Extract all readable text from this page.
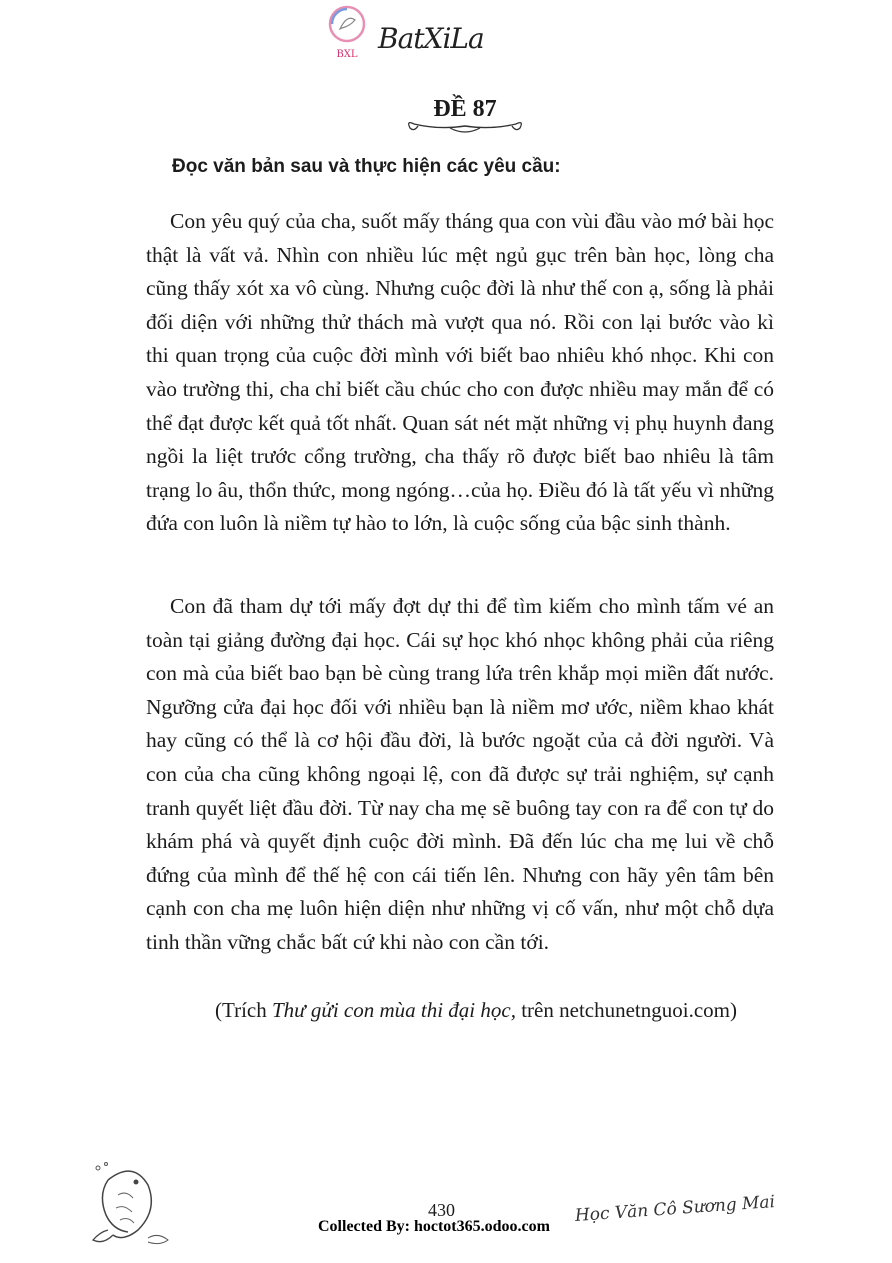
BXL BatXiLa
ĐỀ 87
Đọc văn bản sau và thực hiện các yêu cầu:

Con yêu quý của cha, suốt mấy tháng qua con vùi đầu vào mớ bài học thật là vất vả. Nhìn con nhiều lúc mệt ngủ gục trên bàn học, lòng cha cũng thấy xót xa vô cùng. Nhưng cuộc đời là như thế con ạ, sống là phải đối diện với những thử thách mà vượt qua nó. Rồi con lại bước vào kì thi quan trọng của cuộc đời mình với biết bao nhiêu khó nhọc. Khi con vào trường thi, cha chỉ biết cầu chúc cho con được nhiều may mắn để có thể đạt được kết quả tốt nhất. Quan sát nét mặt những vị phụ huynh đang ngồi la liệt trước cổng trường, cha thấy rõ được biết bao nhiêu là tâm trạng lo âu, thổn thức, mong ngóng…của họ. Điều đó là tất yếu vì những đứa con luôn là niềm tự hào to lớn, là cuộc sống của bậc sinh thành.

Con đã tham dự tới mấy đợt dự thi để tìm kiếm cho mình tấm vé an toàn tại giảng đường đại học. Cái sự học khó nhọc không phải của riêng con mà của biết bao bạn bè cùng trang lứa trên khắp mọi miền đất nước. Ngưỡng cửa đại học đối với nhiều bạn là niềm mơ ước, niềm khao khát hay cũng có thể là cơ hội đầu đời, là bước ngoặt của cả đời người. Và con của cha cũng không ngoại lệ, con đã được sự trải nghiệm, sự cạnh tranh quyết liệt đầu đời. Từ nay cha mẹ sẽ buông tay con ra để con tự do khám phá và quyết định cuộc đời mình. Đã đến lúc cha mẹ lui về chỗ đứng của mình để thế hệ con cái tiến lên. Nhưng con hãy yên tâm bên cạnh con cha mẹ luôn hiện diện như những vị cố vấn, như một chỗ dựa tinh thần vững chắc bất cứ khi nào con cần tới.

(Trích Thư gửi con mùa thi đại học, trên netchunetnguoi.com)
430
Collected By: hoctot365.odoo.com
Học Văn Cô Sương Mai
